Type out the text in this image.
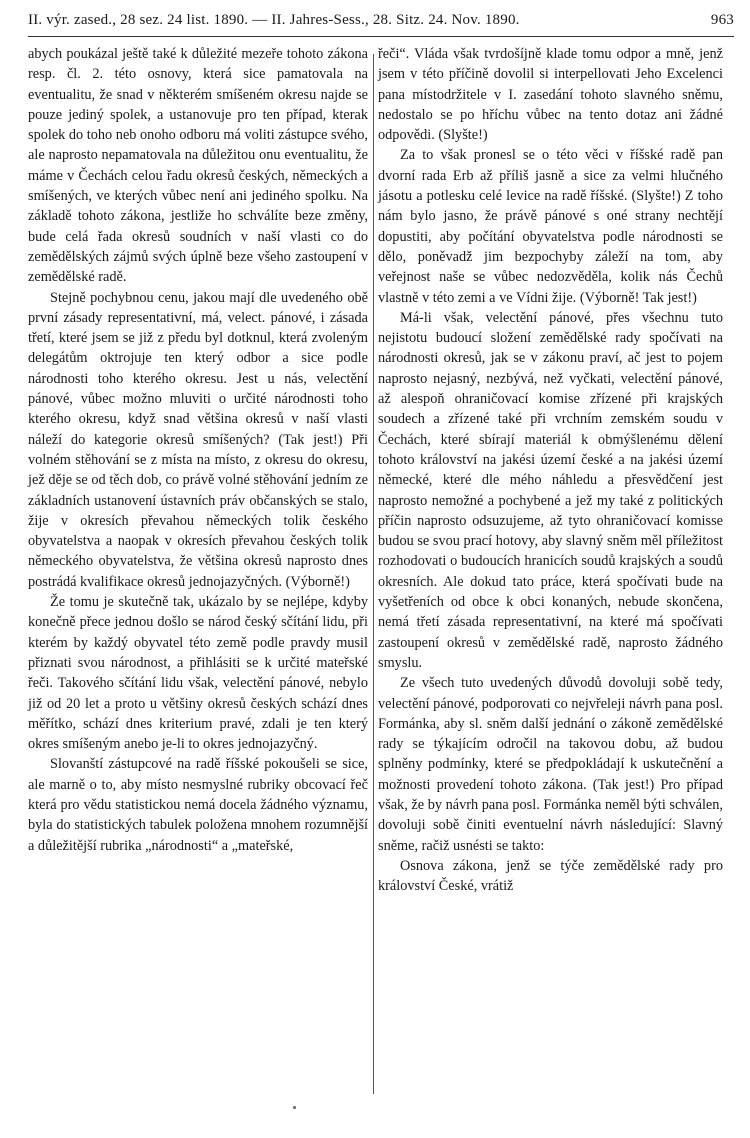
II. výr. zased., 28 sez. 24 list. 1890. — II. Jahres-Sess., 28. Sitz. 24. Nov. 1890.	963

abych poukázal ještě také k důležité mezeře tohoto zákona resp. čl. 2. této osnovy, která sice pamatovala na eventualitu, že snad v některém smíšeném okresu najde se pouze jediný spolek, a ustanovuje pro ten případ, kterak spolek do toho neb onoho odboru má voliti zástupce svého, ale naprosto nepamatovala na důležitou onu eventualitu, že máme v Čechách celou řadu okresů českých, německých a smíšených, ve kterých vůbec není ani jediného spolku. Na základě tohoto zákona, jestliže ho schválíte beze změny, bude celá řada okresů soudních v naší vlasti co do zemědělských zájmů svých úplně beze všeho zastoupení v zemědělské radě.

Stejně pochybnou cenu, jakou mají dle uvedeného obě první zásady representativní, má, velect. pánové, i zásada třetí, které jsem se již z předu byl dotknul, která zvoleným delegátům oktrojuje ten který odbor a sice podle národnosti toho kterého okresu. Jest u nás, velectění pánové, vůbec možno mluviti o určité národnosti toho kterého okresu, když snad většina okresů v naší vlasti náleží do kategorie okresů smíšených? (Tak jest!) Při volném stěhování se z místa na místo, z okresu do okresu, jež děje se od těch dob, co právě volné stěhování jedním ze základních ustanovení ústavních práv občanských se stalo, žije v okresích převahou německých tolik českého obyvatelstva a naopak v okresích převahou českých tolik německého obyvatelstva, že většina okresů naprosto dnes postrádá kvalifikace okresů jednojazyčných. (Výborně!)

Že tomu je skutečně tak, ukázalo by se nejlépe, kdyby konečně přece jednou došlo se národ český sčítání lidu, při kterém by každý obyvatel této země podle pravdy musil přiznati svou národnost, a přihlásiti se k určité mateřské řeči. Takového sčítání lidu však, velectění pánové, nebylo již od 20 let a proto u většiny okresů českých schází dnes měřítko, schází dnes kriterium pravé, zdali je ten který okres smíšeným anebo je-li to okres jednojazyčný.

Slovanští zástupcové na radě říšské pokoušeli se sice, ale marně o to, aby místo nesmyslné rubriky obcovací řeč která pro vědu statistickou nemá docela žádného významu, byla do statistických tabulek položena mnohem rozumnější a důležitější rubrika „národnosti“ a „mateřské,

řeči“. Vláda však tvrdošíjně klade tomu odpor a mně, jenž jsem v této příčině dovolil si interpellovati Jeho Excelenci pana místodržitele v I. zasedání tohoto slavného sněmu, nedostalo se po hříchu vůbec na tento dotaz ani žádné odpovědi. (Slyšte!)

Za to však pronesl se o této věci v říšské radě pan dvorní rada Erb až příliš jasně a sice za velmi hlučného jásotu a potlesku celé levice na radě říšské. (Slyšte!) Z toho nám bylo jasno, že právě pánové s oné strany nechtějí dopustiti, aby počítání obyvatelstva podle národnosti se dělo, poněvadž jim bezpochyby záleží na tom, aby veřejnost naše se vůbec nedozvěděla, kolik nás Čechů vlastně v této zemi a ve Vídni žije. (Výborně! Tak jest!)

Má-li však, velectění pánové, přes všechnu tuto nejistotu budoucí složení zemědělské rady spočívati na národnosti okresů, jak se v zákonu praví, ač jest to pojem naprosto nejasný, nezbývá, než vyčkati, velectění pánové, až alespoň ohraničovací komise zřízené při krajských soudech a zřízené také při vrchním zemském soudu v Čechách, které sbírají materiál k obmýšlenému dělení tohoto království na jakési území české a na jakési území německé, které dle mého náhledu a přesvědčení jest naprosto nemožné a pochybené a jež my také z politických příčin naprosto odsuzujeme, až tyto ohraničovací komisse budou se svou prací hotovy, aby slavný sněm měl příležitost rozhodovati o budoucích hranicích soudů krajských a soudů okresních. Ale dokud tato práce, která spočívati bude na vyšetřeních od obce k obci konaných, nebude skončena, nemá třetí zásada representativní, na které má spočívati zastoupení okresů v zemědělské radě, naprosto žádného smyslu.

Ze všech tuto uvedených důvodů dovoluji sobě tedy, velectění pánové, podporovati co nejvřeleji návrh pana posl. Formánka, aby sl. sněm další jednání o zákoně zemědělské rady se týkajícím odročil na takovou dobu, až budou splněny podmínky, které se předpokládají k uskutečnění a možnosti provedení tohoto zákona. (Tak jest!) Pro případ však, že by návrh pana posl. Formánka neměl býti schválen, dovoluji sobě činiti eventuelní návrh následující: Slavný sněme, račiž usnésti se takto:

Osnova zákona, jenž se týče zemědělské rady pro království České, vrátiž
